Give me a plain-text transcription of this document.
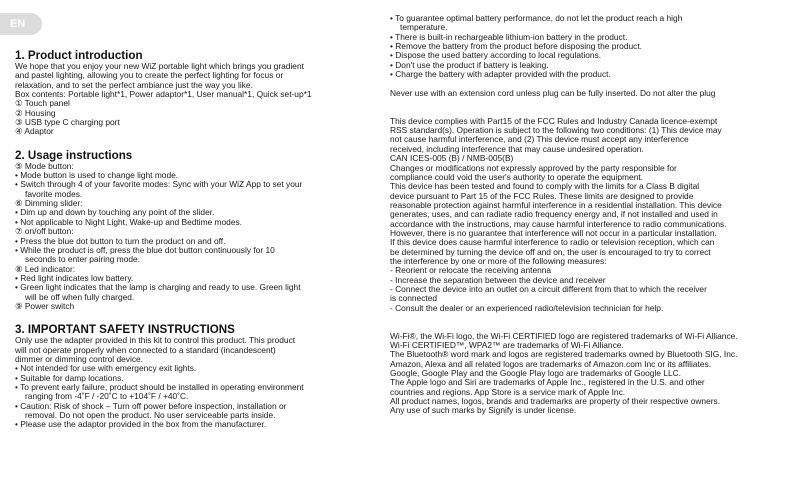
EN
1. Product introduction
We hope that you enjoy your new WiZ portable light which brings you gradient
and pastel lighting, allowing you to create the perfect lighting for focus or
relaxation, and to set the perfect ambiance just the way you like.
Box contents: Portable light*1, Power adaptor*1, User manual*1, Quick set-up*1
① Touch panel
② Housing
③ USB type C charging port
④ Adaptor
2. Usage instructions
⑤ Mode button:
• Mode button is used to change light mode.
• Switch through 4 of your favorite modes: Sync with your WiZ App to set your
favorite modes.
⑥ Dimming slider:
• Dim up and down by touching any point of the slider.
• Not applicable to Night Light, Wake-up and Bedtime modes.
⑦ on/off button:
• Press the blue dot button to turn the product on and off.
• While the product is off, press the blue dot button continuously for 10
seconds to enter pairing mode.
⑧ Led indicator:
• Red light indicates low battery.
• Green light indicates that the lamp is charging and ready to use. Green light
will be off when fully charged.
⑨ Power switch
3. IMPORTANT SAFETY INSTRUCTIONS
Only use the adapter provided in this kit to control this product. This product
will not operate properly when connected to a standard (incandescent)
dimmer or dimming control device.
• Not intended for use with emergency exit lights.
• Suitable for damp locations.
• To prevent early failure, product should be installed in operating environment
ranging from -4˚F / -20˚C to +104˚F / +40˚C.
• Caution: Risk of shock – Turn off power before inspection, installation or
removal. Do not open the product. No user serviceable parts inside.
• Please use the adaptor provided in the box from the manufacturer.
• To guarantee optimal battery performance, do not let the product reach a high
temperature.
• There is built-in rechargeable lithium-ion battery in the product.
• Remove the battery from the product before disposing the product.
• Dispose the used battery according to local regulations.
• Don't use the product if battery is leaking.
• Charge the battery with adapter provided with the product.
Never use with an extension cord unless plug can be fully inserted. Do not alter the plug
This device complies with Part15 of the FCC Rules and Industry Canada licence-exempt
RSS standard(s). Operation is subject to the following two conditions: (1) This device may
not cause harmful interference, and (2) This device must accept any interference
received, including interference that may cause undesired operation.
CAN ICES-005 (B) / NMB-005(B)
Changes or modifications not expressly approved by the party responsible for
compliance could void the user's authority to operate the equipment.
This device has been tested and found to comply with the limits for a Class B digital
device pursuant to Part 15 of the FCC Rules. These limits are designed to provide
reasonable protection against harmful interference in a residential installation. This device
generates, uses, and can radiate radio frequency energy and, if not installed and used in
accordance with the instructions, may cause harmful interference to radio communications.
However, there is no guarantee that interference will not occur in a particular installation.
If this device does cause harmful interference to radio or television reception, which can
be determined by turning the device off and on, the user is encouraged to try to correct
the interference by one or more of the following measures:
- Reorient or relocate the receiving antenna
- Increase the separation between the device and receiver
- Connect the device into an outlet on a circuit different from that to which the receiver
is connected
- Consult the dealer or an experienced radio/television technician for help.
Wi-Fi®, the Wi-Fi logo, the Wi-Fi CERTIFIED logo are registered trademarks of Wi-Fi Alliance.
Wi-Fi CERTIFIED™, WPA2™ are trademarks of Wi-Fi Alliance.
The Bluetooth® word mark and logos are registered trademarks owned by Bluetooth SIG, Inc.
Amazon, Alexa and all related logos are trademarks of Amazon.com Inc or its affiliates.
Google, Google Play and the Google Play logo are trademarks of Google LLC.
The Apple logo and Siri are trademarks of Apple Inc., registered in the U.S. and other
countries and regions. App Store is a service mark of Apple Inc.
All product names, logos, brands and trademarks are property of their respective owners.
Any use of such marks by Signify is under license.
